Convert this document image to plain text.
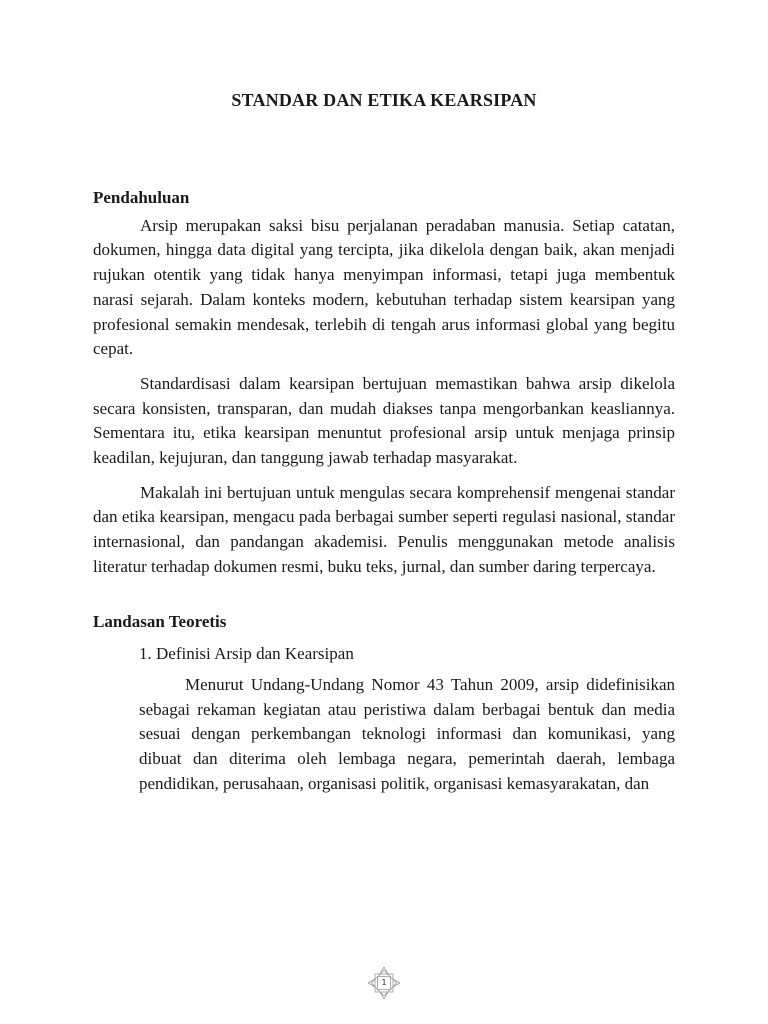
STANDAR DAN ETIKA KEARSIPAN
Pendahuluan

Arsip merupakan saksi bisu perjalanan peradaban manusia. Setiap catatan, dokumen, hingga data digital yang tercipta, jika dikelola dengan baik, akan menjadi rujukan otentik yang tidak hanya menyimpan informasi, tetapi juga membentuk narasi sejarah. Dalam konteks modern, kebutuhan terhadap sistem kearsipan yang profesional semakin mendesak, terlebih di tengah arus informasi global yang begitu cepat.

Standardisasi dalam kearsipan bertujuan memastikan bahwa arsip dikelola secara konsisten, transparan, dan mudah diakses tanpa mengorbankan keasliannya. Sementara itu, etika kearsipan menuntut profesional arsip untuk menjaga prinsip keadilan, kejujuran, dan tanggung jawab terhadap masyarakat.

Makalah ini bertujuan untuk mengulas secara komprehensif mengenai standar dan etika kearsipan, mengacu pada berbagai sumber seperti regulasi nasional, standar internasional, dan pandangan akademisi. Penulis menggunakan metode analisis literatur terhadap dokumen resmi, buku teks, jurnal, dan sumber daring terpercaya.

Landasan Teoretis
1. Definisi Arsip dan Kearsipan

Menurut Undang-Undang Nomor 43 Tahun 2009, arsip didefinisikan sebagai rekaman kegiatan atau peristiwa dalam berbagai bentuk dan media sesuai dengan perkembangan teknologi informasi dan komunikasi, yang dibuat dan diterima oleh lembaga negara, pemerintah daerah, lembaga pendidikan, perusahaan, organisasi politik, organisasi kemasyarakatan, dan

1
